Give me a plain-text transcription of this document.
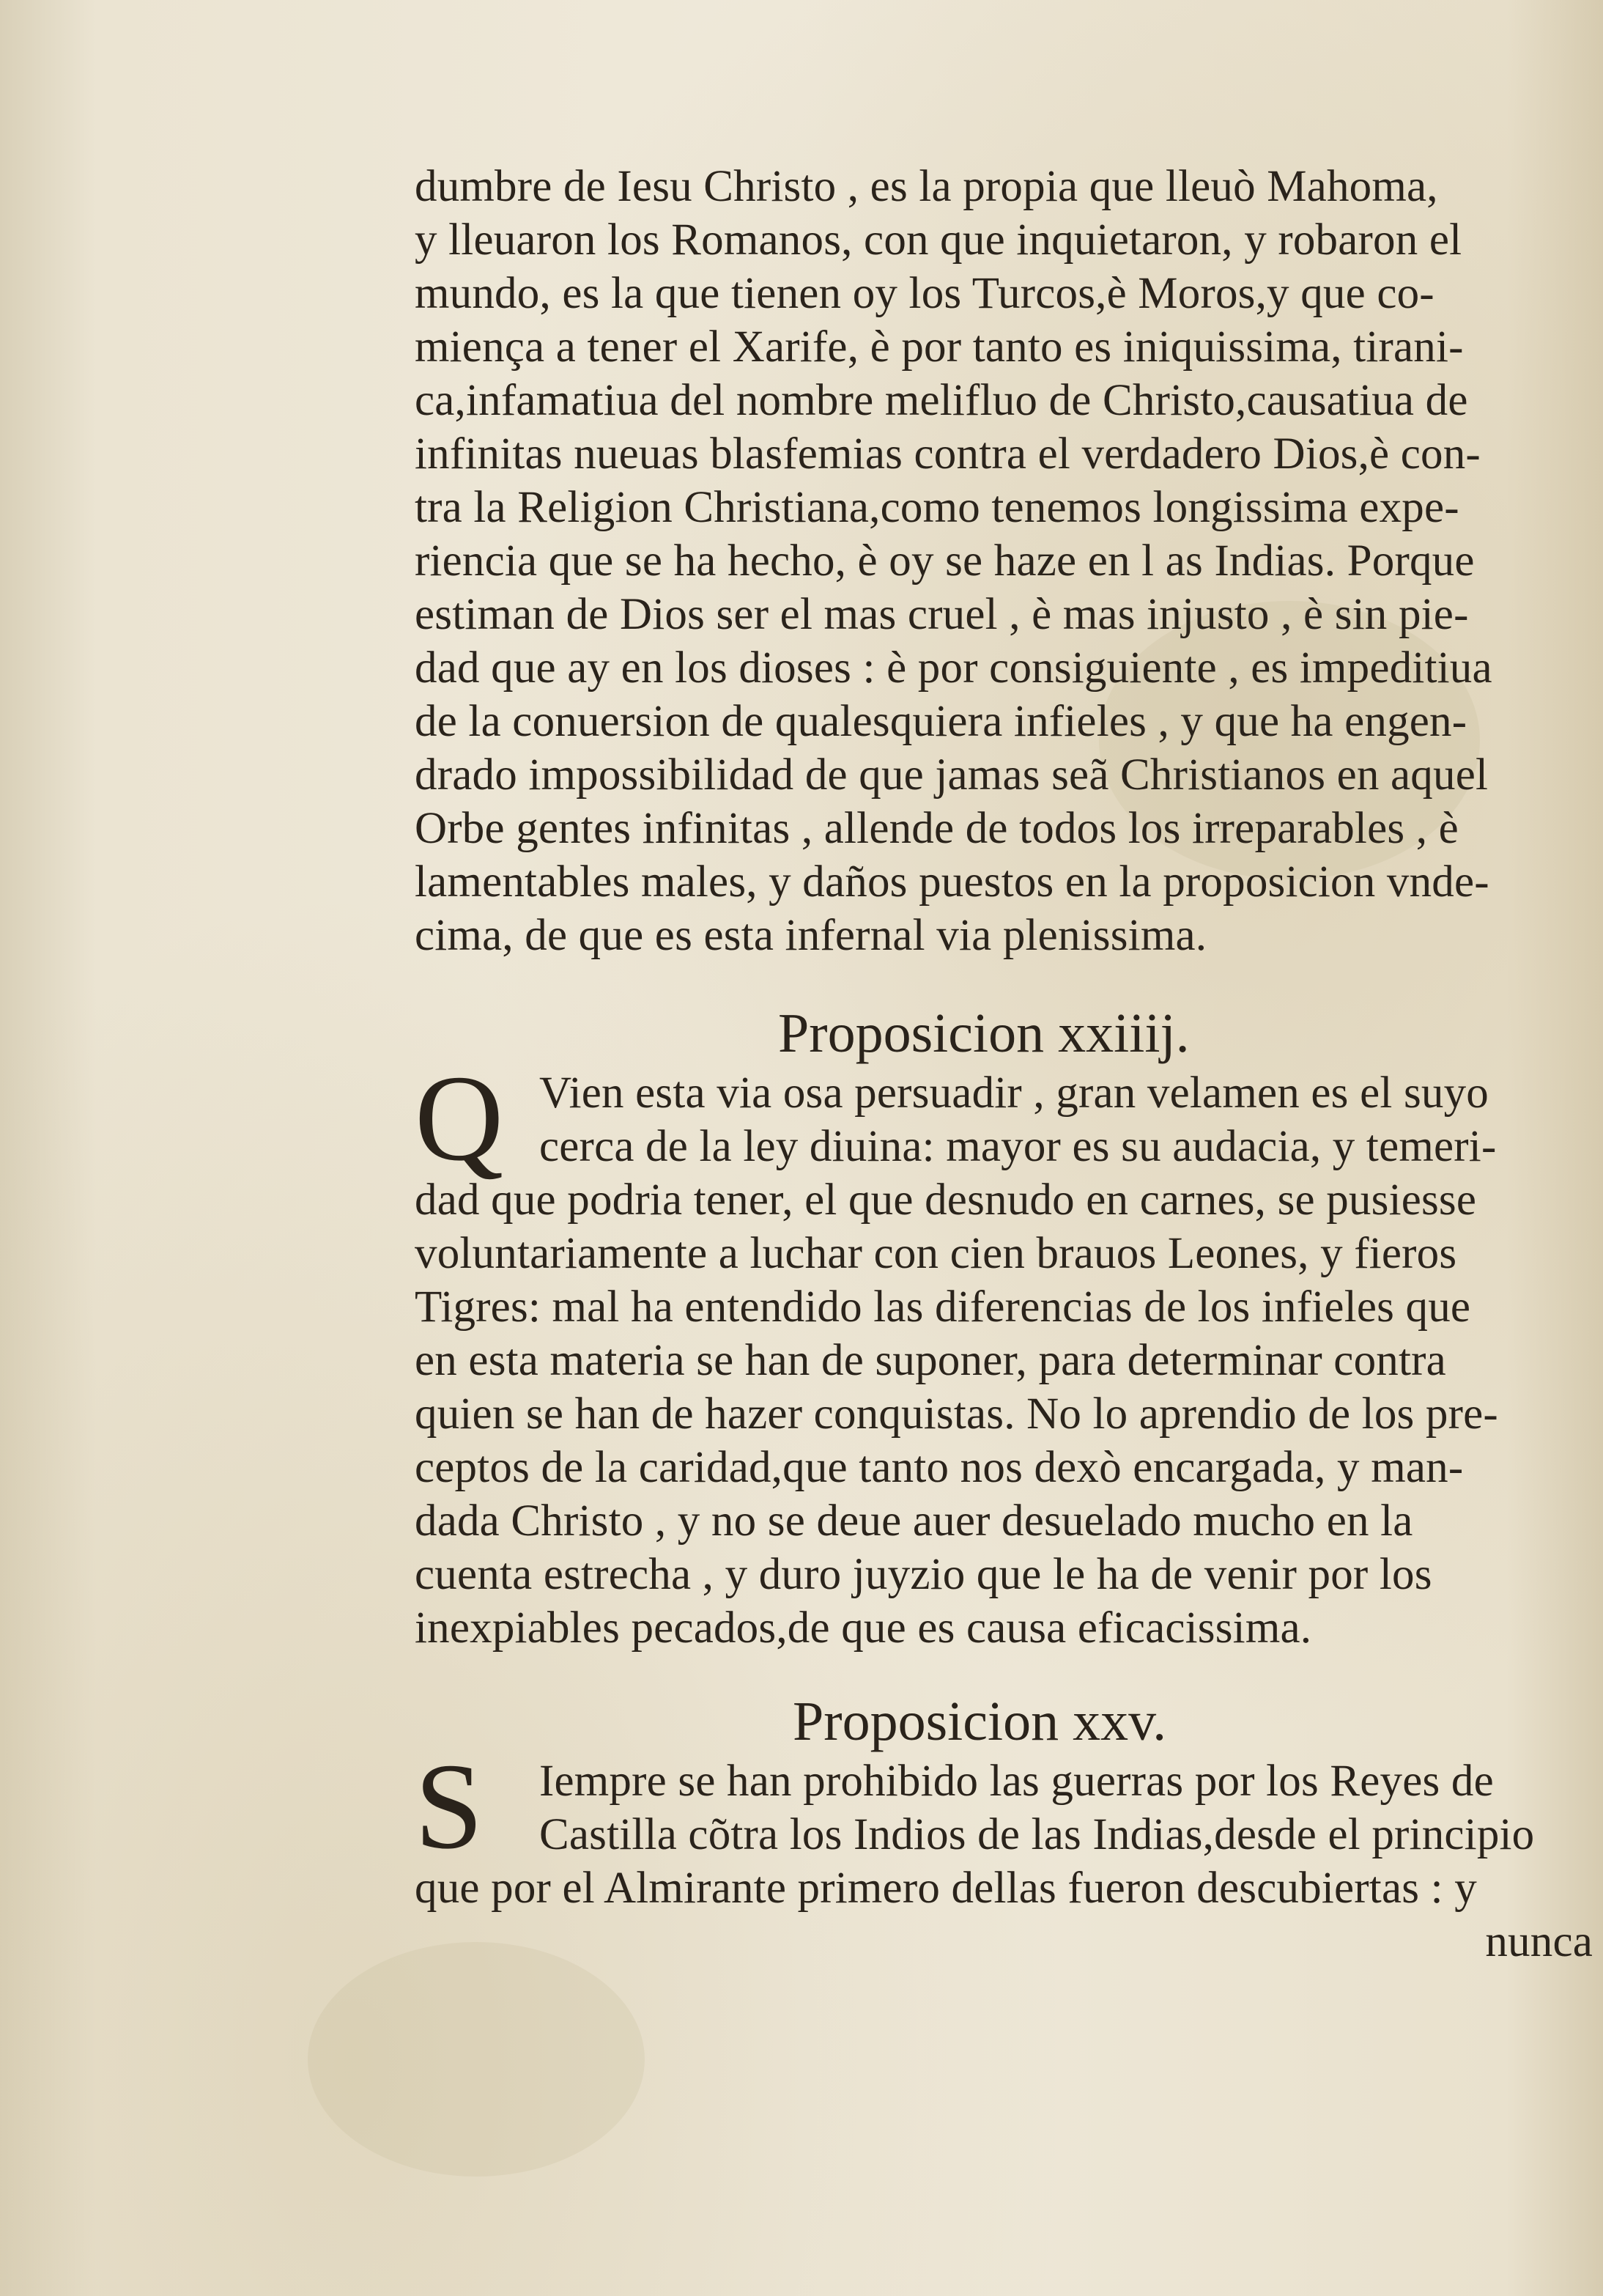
dumbre de Iesu Christo , es la propia que lleuò Mahoma,
y lleuaron los Romanos, con que inquietaron, y robaron el
mundo, es la que tienen oy los Turcos,è Moros,y que co-
miença a tener el Xarife, è por tanto es iniquissima, tirani-
ca,infamatiua del nombre melifluo de Christo,causatiua de
infinitas nueuas blasfemias contra el verdadero Dios,è con-
tra la Religion Christiana,como tenemos longissima expe-
riencia que se ha hecho, è oy se haze en l as Indias. Porque
estiman de Dios ser el mas cruel , è mas injusto , è sin pie-
dad que ay en los dioses : è por consiguiente , es impeditiua
de la conuersion de qualesquiera infieles , y que ha engen-
drado impossibilidad de que jamas seã Christianos en aquel
Orbe gentes infinitas , allende de todos los irreparables , è
lamentables males, y daños puestos en la proposicion vnde-
cima, de que es esta infernal via plenissima.
Proposicion xxiiij.
Q Vien esta via osa persuadir , gran velamen es el suyo
cerca de la ley diuina: mayor es su audacia, y temeri-
dad que podria tener, el que desnudo en carnes, se pusiesse
voluntariamente a luchar con cien brauos Leones, y fieros
Tigres: mal ha entendido las diferencias de los infieles que
en esta materia se han de suponer, para determinar contra
quien se han de hazer conquistas. No lo aprendio de los pre-
ceptos de la caridad,que tanto nos dexò encargada, y man-
dada Christo , y no se deue auer desuelado mucho en la
cuenta estrecha , y duro juyzio que le ha de venir por los
inexpiables pecados,de que es causa eficacissima.
Proposicion xxv.
S	Iempre se han prohibido las guerras por los Reyes de
Castilla cõtra los Indios de las Indias,desde el principio
que por el Almirante primero dellas fueron descubiertas : y
nunca
